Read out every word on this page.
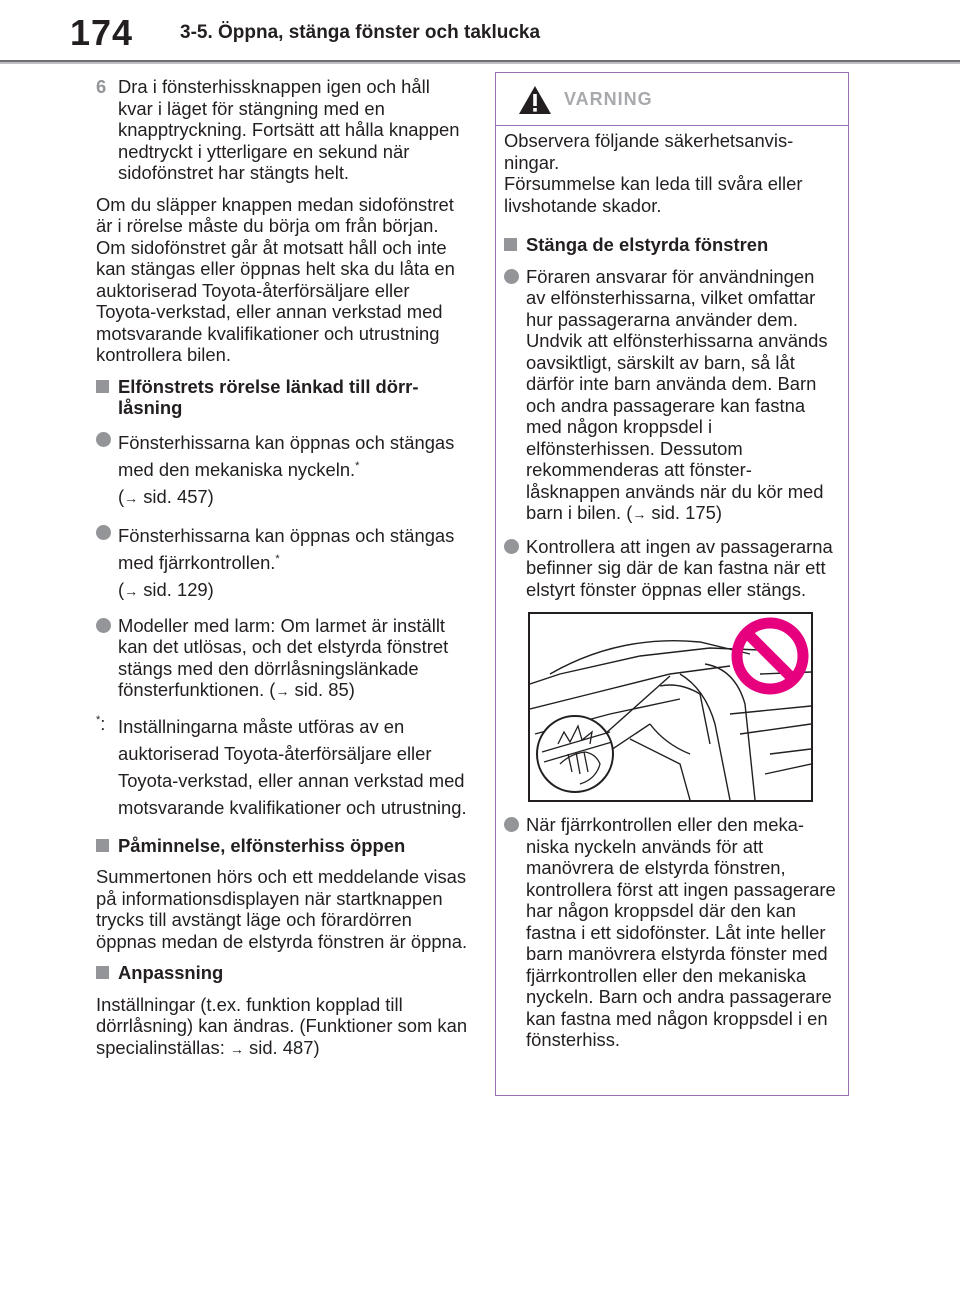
174 3-5. Öppna, stänga fönster och taklucka
6 Dra i fönsterhissknappen igen och håll kvar i läget för stängning med en knapptryckning. Fortsätt att hålla knappen nedtryckt i ytterligare en sekund när sidofönstret har stängts helt.

Om du släpper knappen medan sidofönstret är i rörelse måste du börja om från början.

Om sidofönstret går åt motsatt håll och inte kan stängas eller öppnas helt ska du låta en auktoriserad Toyota-återförsäljare eller Toyota-verkstad, eller annan verkstad med motsvarande kvalifikationer och utrustning kontrollera bilen.

Elfönstrets rörelse länkad till dörrlåsning
Fönsterhissarna kan öppnas och stängas med den mekaniska nyckeln.*
(→ sid. 457)
Fönsterhissarna kan öppnas och stängas med fjärrkontrollen.*
(→ sid. 129)
Modeller med larm: Om larmet är inställt kan det utlösas, och det elstyrda fönstret stängs med den dörrlåsningslänkade fönsterfunktionen. (→ sid. 85)
*: Inställningarna måste utföras av en auktoriserad Toyota-återförsäljare eller Toyota-verkstad, eller annan verkstad med motsvarande kvalifikationer och utrustning.
Påminnelse, elfönsterhiss öppen

Summertonen hörs och ett meddelande visas på informationsdisplayen när startknappen trycks till avstängt läge och förardörren öppnas medan de elstyrda fönstren är öppna.

Anpassning

Inställningar (t.ex. funktion kopplad till dörrlåsning) kan ändras. (Funktioner som kan specialinställas: → sid. 487)

VARNING

Observera följande säkerhetsanvisningar.
Försummelse kan leda till svåra eller livshotande skador.

Stänga de elstyrda fönstren
Föraren ansvarar för användningen av elfönsterhissarna, vilket omfattar hur passagerarna använder dem. Undvik att elfönsterhissarna används oavsiktligt, särskilt av barn, så låt därför inte barn använda dem. Barn och andra passagerare kan fastna med någon kroppsdel i elfönsterhissen. Dessutom rekommenderas att fönsterlåsknappen används när du kör med barn i bilen. (→ sid. 175)
Kontrollera att ingen av passagerarna befinner sig där de kan fastna när ett elstyrt fönster öppnas eller stängs.
När fjärrkontrollen eller den mekaniska nyckeln används för att manövrera de elstyrda fönstren, kontrollera först att ingen passagerare har någon kroppsdel där den kan fastna i ett sidofönster. Låt inte heller barn manövrera elstyrda fönster med fjärrkontrollen eller den mekaniska nyckeln. Barn och andra passagerare kan fastna med någon kroppsdel i en fönsterhiss.
